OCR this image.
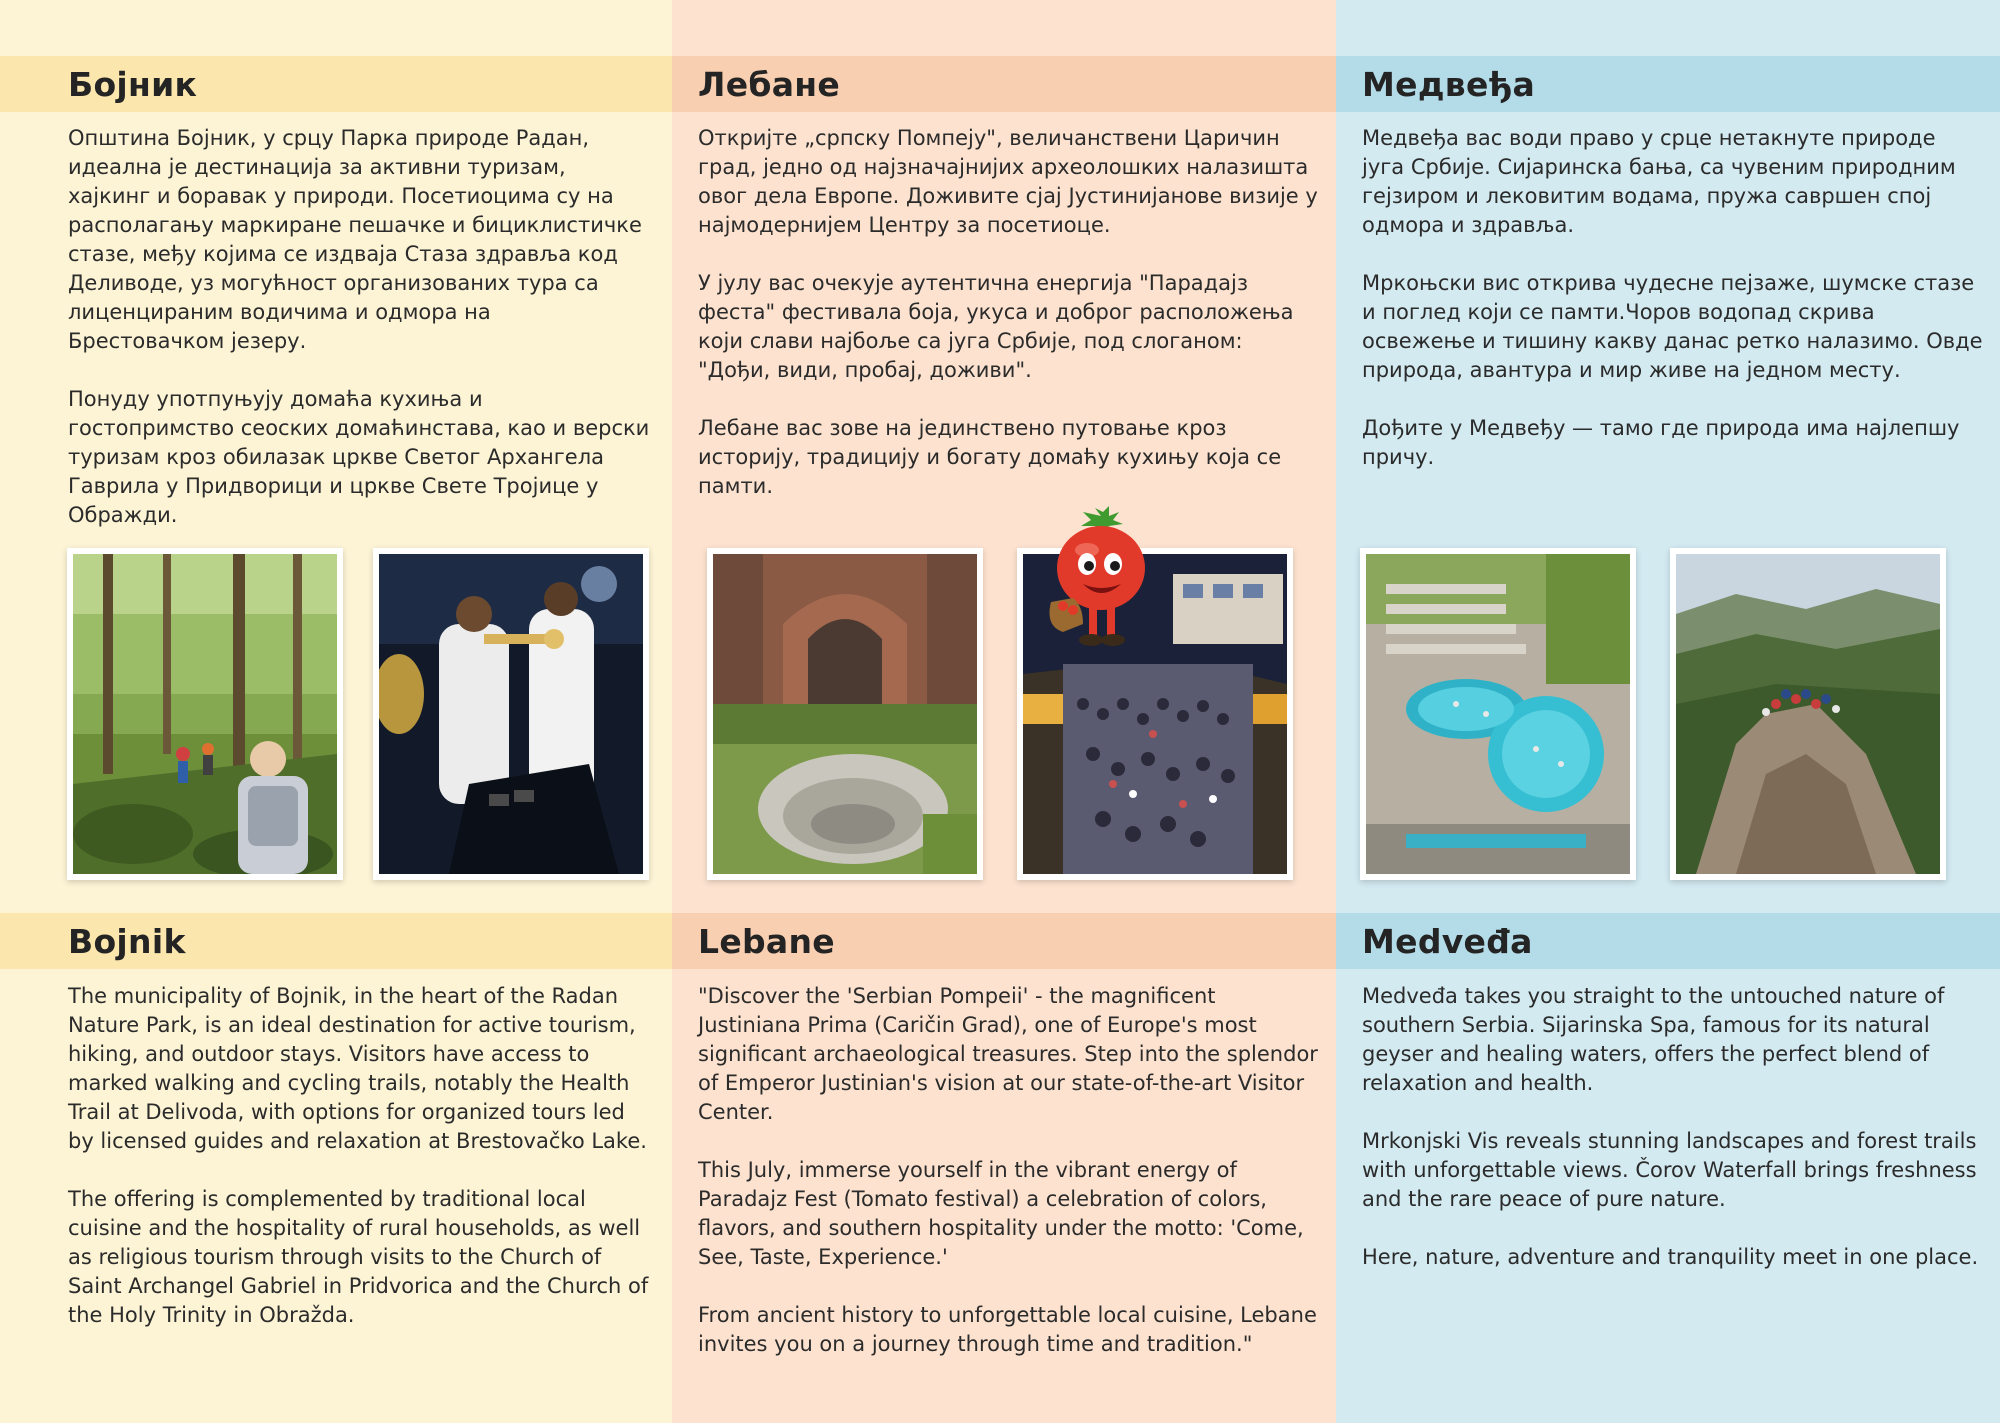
Бојник

Општина Бојник, у срцу Парка природе Радан, идеална је дестинација за активни туризам, хајкинг и боравак у природи. Посетиоцима су на располагању маркиране пешачке и бициклистичке стазе, међу којима се издваја Стаза здравља код Деливоде, уз могућност организованих тура са лиценцираним водичима и одмора на Брестовачком језеру.

Понуду употпуњују домаћа кухиња и гостопримство сеоских домаћинстава, као и верски туризам кроз обилазак цркве Светог Архангела Гаврила у Придворици и цркве Свете Тројице у Ображди.

Bojnik

The municipality of Bojnik, in the heart of the Radan Nature Park, is an ideal destination for active tourism, hiking, and outdoor stays. Visitors have access to marked walking and cycling trails, notably the Health Trail at Delivoda, with options for organized tours led by licensed guides and relaxation at Brestovačko Lake.

The offering is complemented by traditional local cuisine and the hospitality of rural households, as well as religious tourism through visits to the Church of Saint Archangel Gabriel in Pridvorica and the Church of the Holy Trinity in Obražda.

Лебане

Откријте „српску Помпеју", величанствени Царичин град, једно од најзначајнијих археолошких налазишта овог дела Европе. Доживите сјај Јустинијанове визије у најмодернијем Центру за посетиоце.

У јулу вас очекује аутентична енергија "Парадајз феста" фестивала боја, укуса и доброг расположења који слави најбоље са југа Србије, под слоганом: "Дођи, види, пробај, доживи".

Лебане вас зове на јединствено путовање кроз историју, традицију и богату домаћу кухињу која се памти.

Lebane

"Discover the 'Serbian Pompeii' - the magnificent Justiniana Prima (Caričin Grad), one of Europe's most significant archaeological treasures. Step into the splendor of Emperor Justinian's vision at our state-of-the-art Visitor Center.

This July, immerse yourself in the vibrant energy of Paradajz Fest (Tomato festival) a celebration of colors, flavors, and southern hospitality under the motto: 'Come, See, Taste, Experience.'

From ancient history to unforgettable local cuisine, Lebane invites you on a journey through time and tradition."

Медвеђа

Медвеђа вас води право у срце нетакнуте природе југа Србије. Сијаринска бања, са чувеним природним гејзиром и лековитим водама, пружа савршен спој одмора и здравља.

Мркоњски вис открива чудесне пејзаже, шумске стазе и поглед који се памти.Чоров водопад скрива освежење и тишину какву данас ретко налазимо. Овде природа, авантура и мир живе на једном месту.

Дођите у Медвеђу — тамо где природа има најлепшу причу.

Medveđa

Medveđa takes you straight to the untouched nature of southern Serbia. Sijarinska Spa, famous for its natural geyser and healing waters, offers the perfect blend of relaxation and health.

Mrkonjski Vis reveals stunning landscapes and forest trails with unforgettable views. Čorov Waterfall brings freshness and the rare peace of pure nature.

Here, nature, adventure and tranquility meet in one place.
